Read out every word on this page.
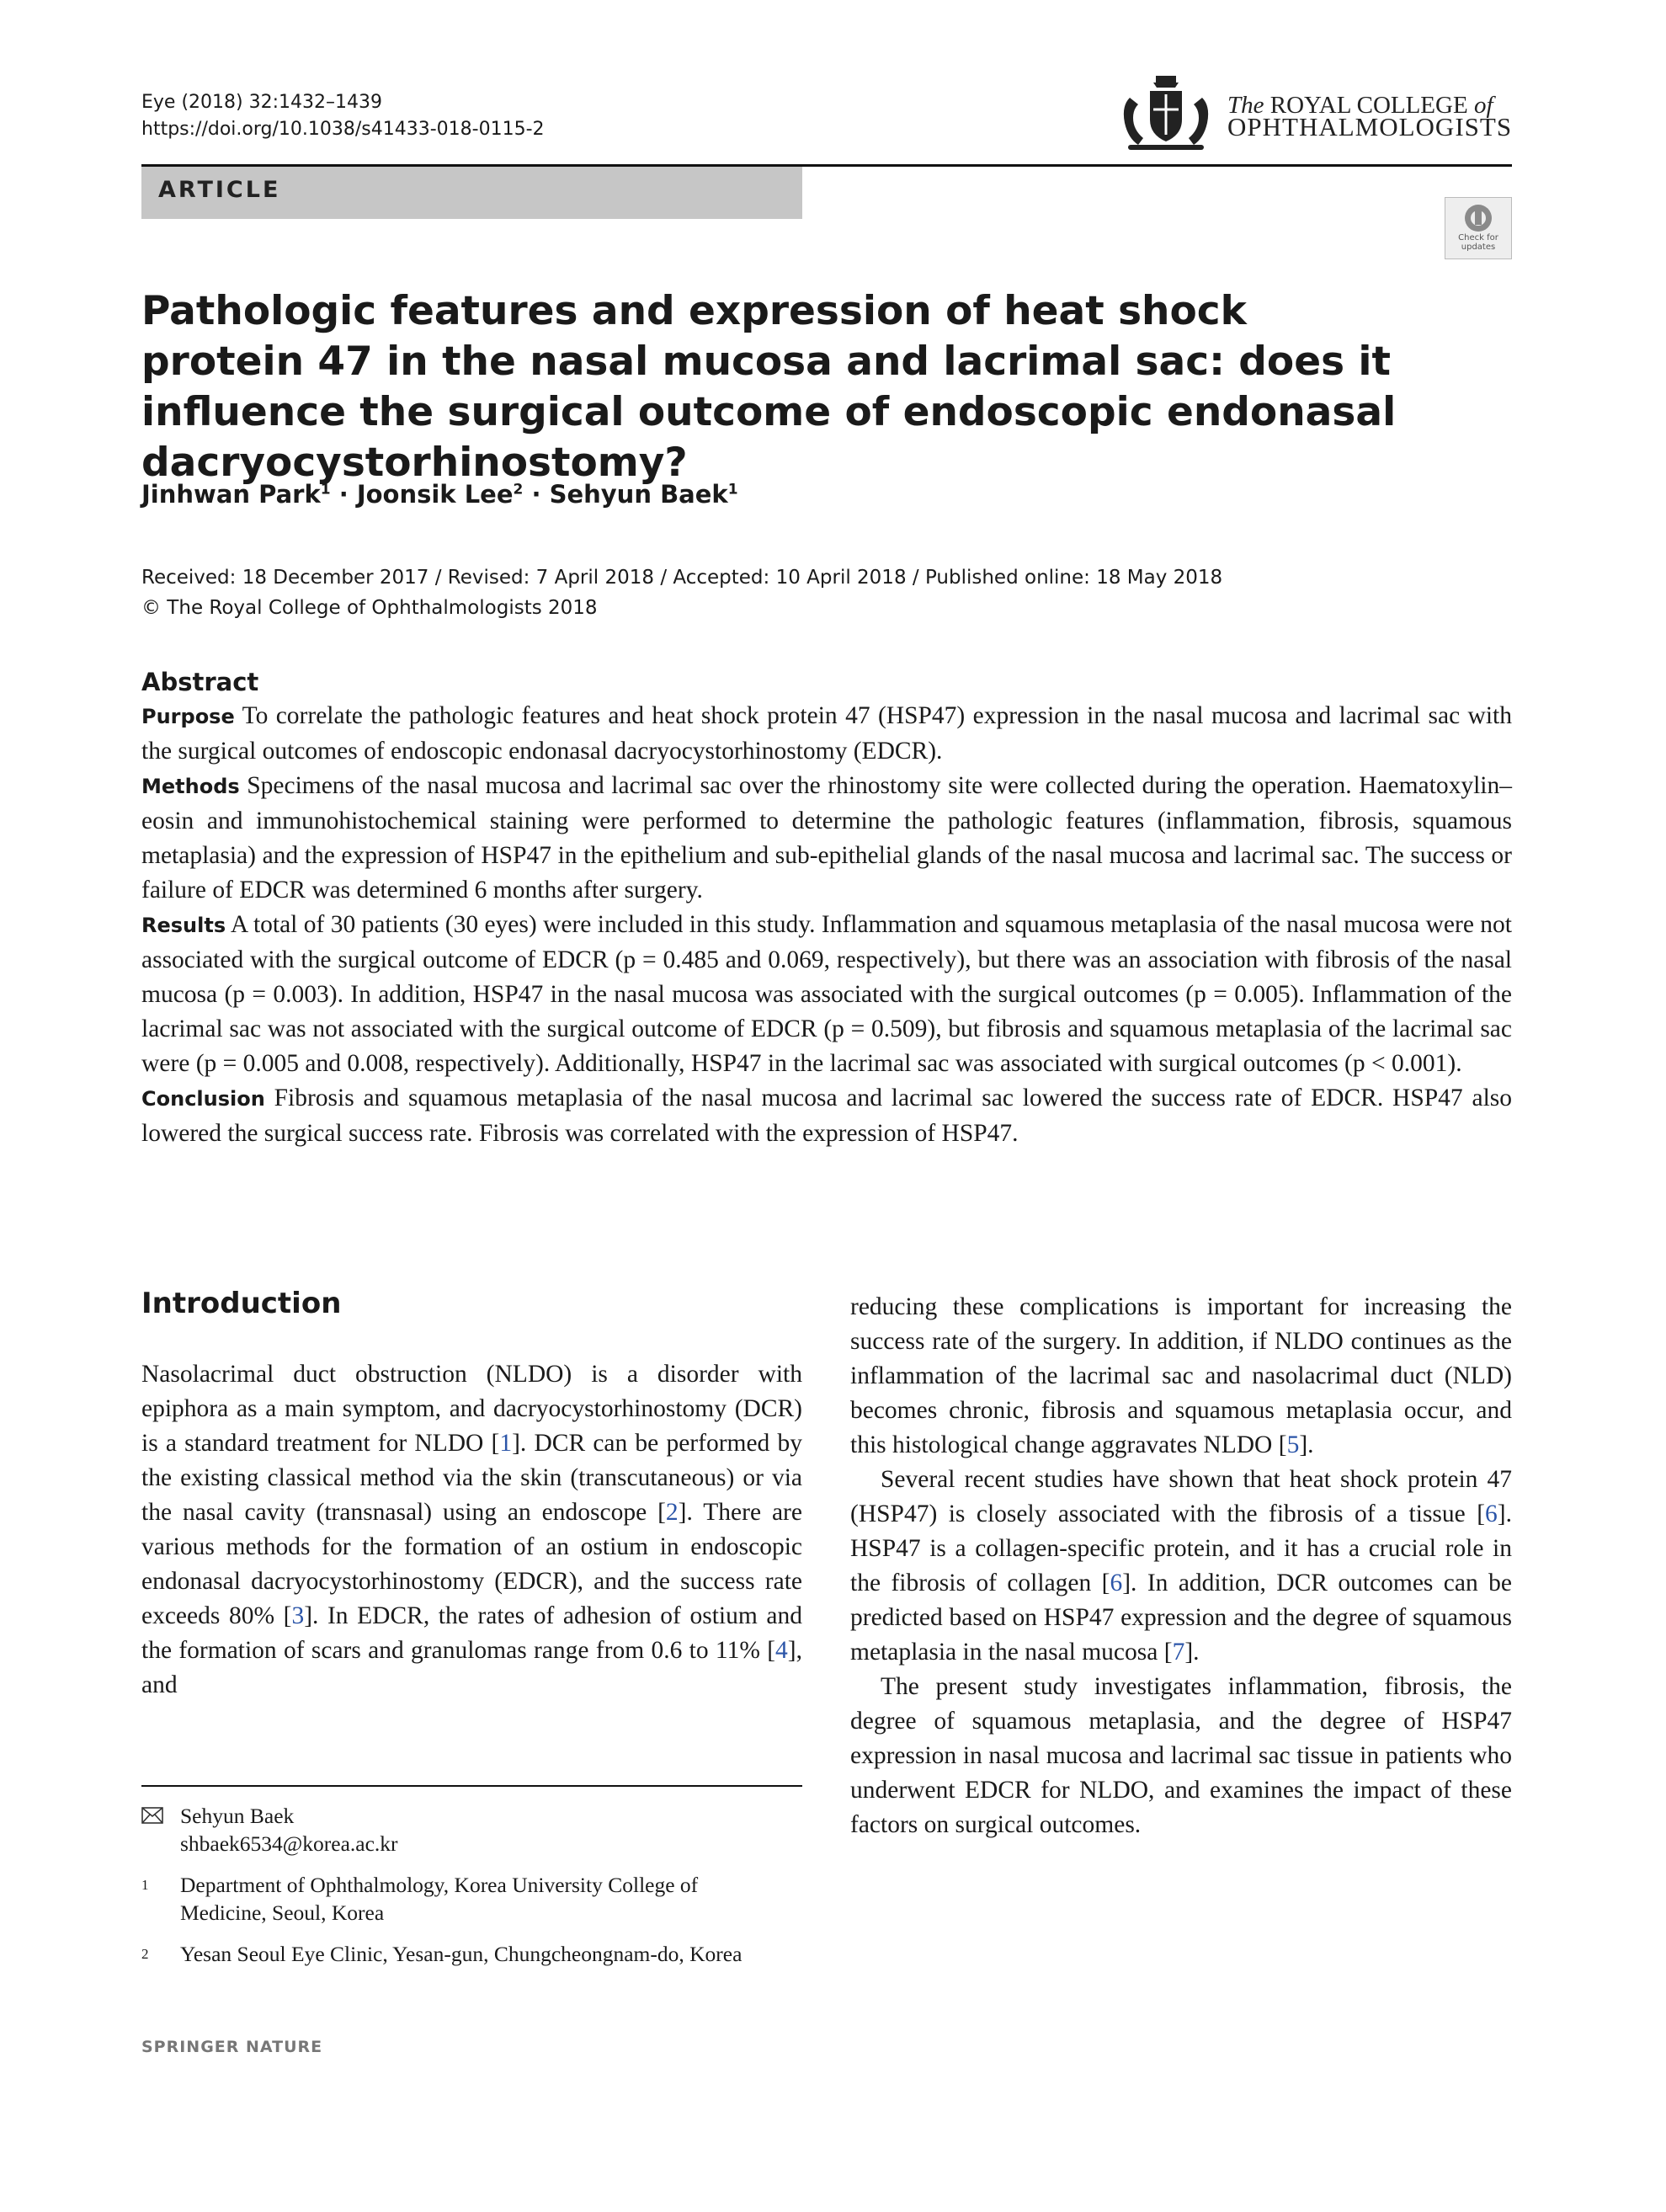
Eye (2018) 32:1432–1439
https://doi.org/10.1038/s41433-018-0115-2
The ROYAL COLLEGE of
OPHTHALMOLOGISTS
ARTICLE
Check for
updates
Pathologic features and expression of heat shock protein 47 in the nasal mucosa and lacrimal sac: does it influence the surgical outcome of endoscopic endonasal dacryocystorhinostomy?
Jinhwan Park$^1$ · Joonsik Lee$^2$ · Sehyun Baek$^1$
Received: 18 December 2017 / Revised: 7 April 2018 / Accepted: 10 April 2018 / Published online: 18 May 2018
© The Royal College of Ophthalmologists 2018
Abstract

Purpose To correlate the pathologic features and heat shock protein 47 (HSP47) expression in the nasal mucosa and lacrimal sac with the surgical outcomes of endoscopic endonasal dacryocystorhinostomy (EDCR).

Methods Specimens of the nasal mucosa and lacrimal sac over the rhinostomy site were collected during the operation. Haematoxylin–eosin and immunohistochemical staining were performed to determine the pathologic features (inflammation, fibrosis, squamous metaplasia) and the expression of HSP47 in the epithelium and sub-epithelial glands of the nasal mucosa and lacrimal sac. The success or failure of EDCR was determined 6 months after surgery.

Results A total of 30 patients (30 eyes) were included in this study. Inflammation and squamous metaplasia of the nasal mucosa were not associated with the surgical outcome of EDCR (p = 0.485 and 0.069, respectively), but there was an association with fibrosis of the nasal mucosa (p = 0.003). In addition, HSP47 in the nasal mucosa was associated with the surgical outcomes (p = 0.005). Inflammation of the lacrimal sac was not associated with the surgical outcome of EDCR (p = 0.509), but fibrosis and squamous metaplasia of the lacrimal sac were (p = 0.005 and 0.008, respectively). Additionally, HSP47 in the lacrimal sac was associated with surgical outcomes (p < 0.001).

Conclusion Fibrosis and squamous metaplasia of the nasal mucosa and lacrimal sac lowered the success rate of EDCR. HSP47 also lowered the surgical success rate. Fibrosis was correlated with the expression of HSP47.

Introduction

Nasolacrimal duct obstruction (NLDO) is a disorder with epiphora as a main symptom, and dacryocystorhinostomy (DCR) is a standard treatment for NLDO [1]. DCR can be performed by the existing classical method via the skin (transcutaneous) or via the nasal cavity (transnasal) using an endoscope [2]. There are various methods for the formation of an ostium in endoscopic endonasal dacryocystorhinostomy (EDCR), and the success rate exceeds 80% [3]. In EDCR, the rates of adhesion of ostium and the formation of scars and granulomas range from 0.6 to 11% [4], and

reducing these complications is important for increasing the success rate of the surgery. In addition, if NLDO continues as the inflammation of the lacrimal sac and nasolacrimal duct (NLD) becomes chronic, fibrosis and squamous metaplasia occur, and this histological change aggravates NLDO [5].

Several recent studies have shown that heat shock protein 47 (HSP47) is closely associated with the fibrosis of a tissue [6]. HSP47 is a collagen-specific protein, and it has a crucial role in the fibrosis of collagen [6]. In addition, DCR outcomes can be predicted based on HSP47 expression and the degree of squamous metaplasia in the nasal mucosa [7].

The present study investigates inflammation, fibrosis, the degree of squamous metaplasia, and the degree of HSP47 expression in nasal mucosa and lacrimal sac tissue in patients who underwent EDCR for NLDO, and examines the impact of these factors on surgical outcomes.

Sehyun Baek
shbaek6534@korea.ac.kr
1 Department of Ophthalmology, Korea University College of
Medicine, Seoul, Korea
2 Yesan Seoul Eye Clinic, Yesan-gun, Chungcheongnam-do, Korea
SPRINGER NATURE
